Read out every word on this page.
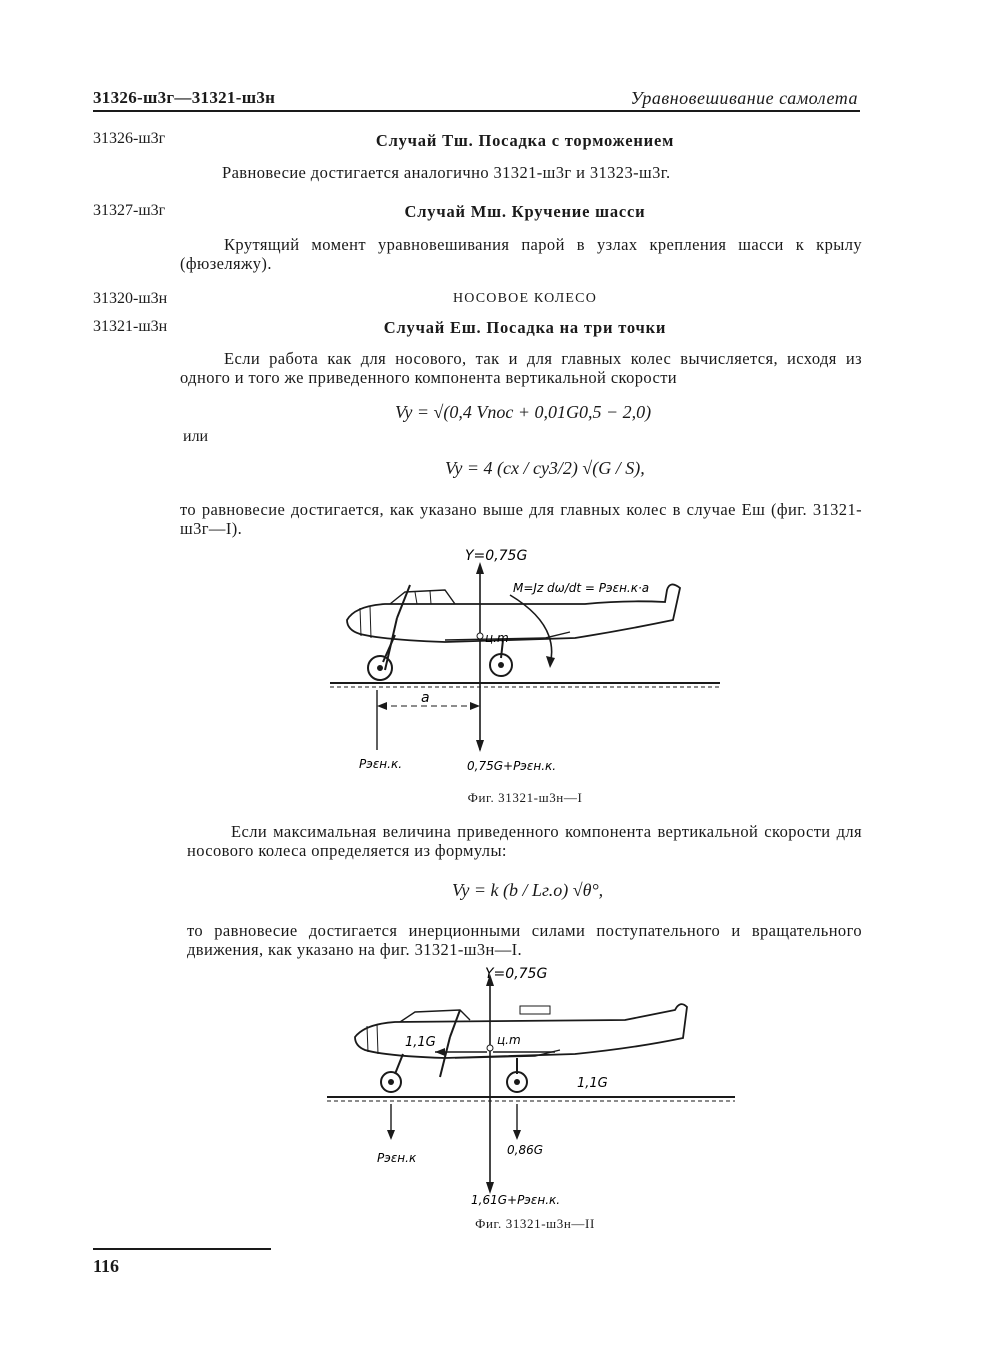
31326-ш3г—31321-ш3н	Уравновешивание самолета
31326-ш3г	Случай Tш. Посадка с торможением
Равновесие достигается аналогично 31321-ш3г и 31323-ш3г.
31327-ш3г	Случай Mш. Кручение шасси
Крутящий момент уравновешивания парой в узлах крепления шасси к крылу (фюзеляжу).
31320-ш3н	НОСОВОЕ КОЛЕСО
31321-ш3н	Случай Eш. Посадка на три точки
Если работа как для носового, так и для главных колес вычисляется, исходя из одного и того же приведенного компонента вертикальной скорости
Vy = √(0,4 Vпос + 0,01G0,5 − 2,0)
или
Vy = 4 (cx / cy3/2) √(G / S),
то равновесие достигается, как указано выше для главных колес в случае Eш (фиг. 31321-ш3г—I).
Y=0,75G
M=Jz dω/dt = Pэεн.к·a
ц.m
a
Pэεн.к.	0,75G+Pэεн.к.
Фиг. 31321-ш3н—I
Если максимальная величина приведенного компонента вертикальной скорости для носового колеса определяется из формулы:
Vy = k (b / Lг.о) √θ°,
то равновесие достигается инерционными силами поступательного и вращательного движения, как указано на фиг. 31321-ш3н—I.
Y=0,75G
1,1G	ц.m
1,1G
Pэεн.к
0,86G
1,61G+Pэεн.к.
Фиг. 31321-ш3н—II
116
